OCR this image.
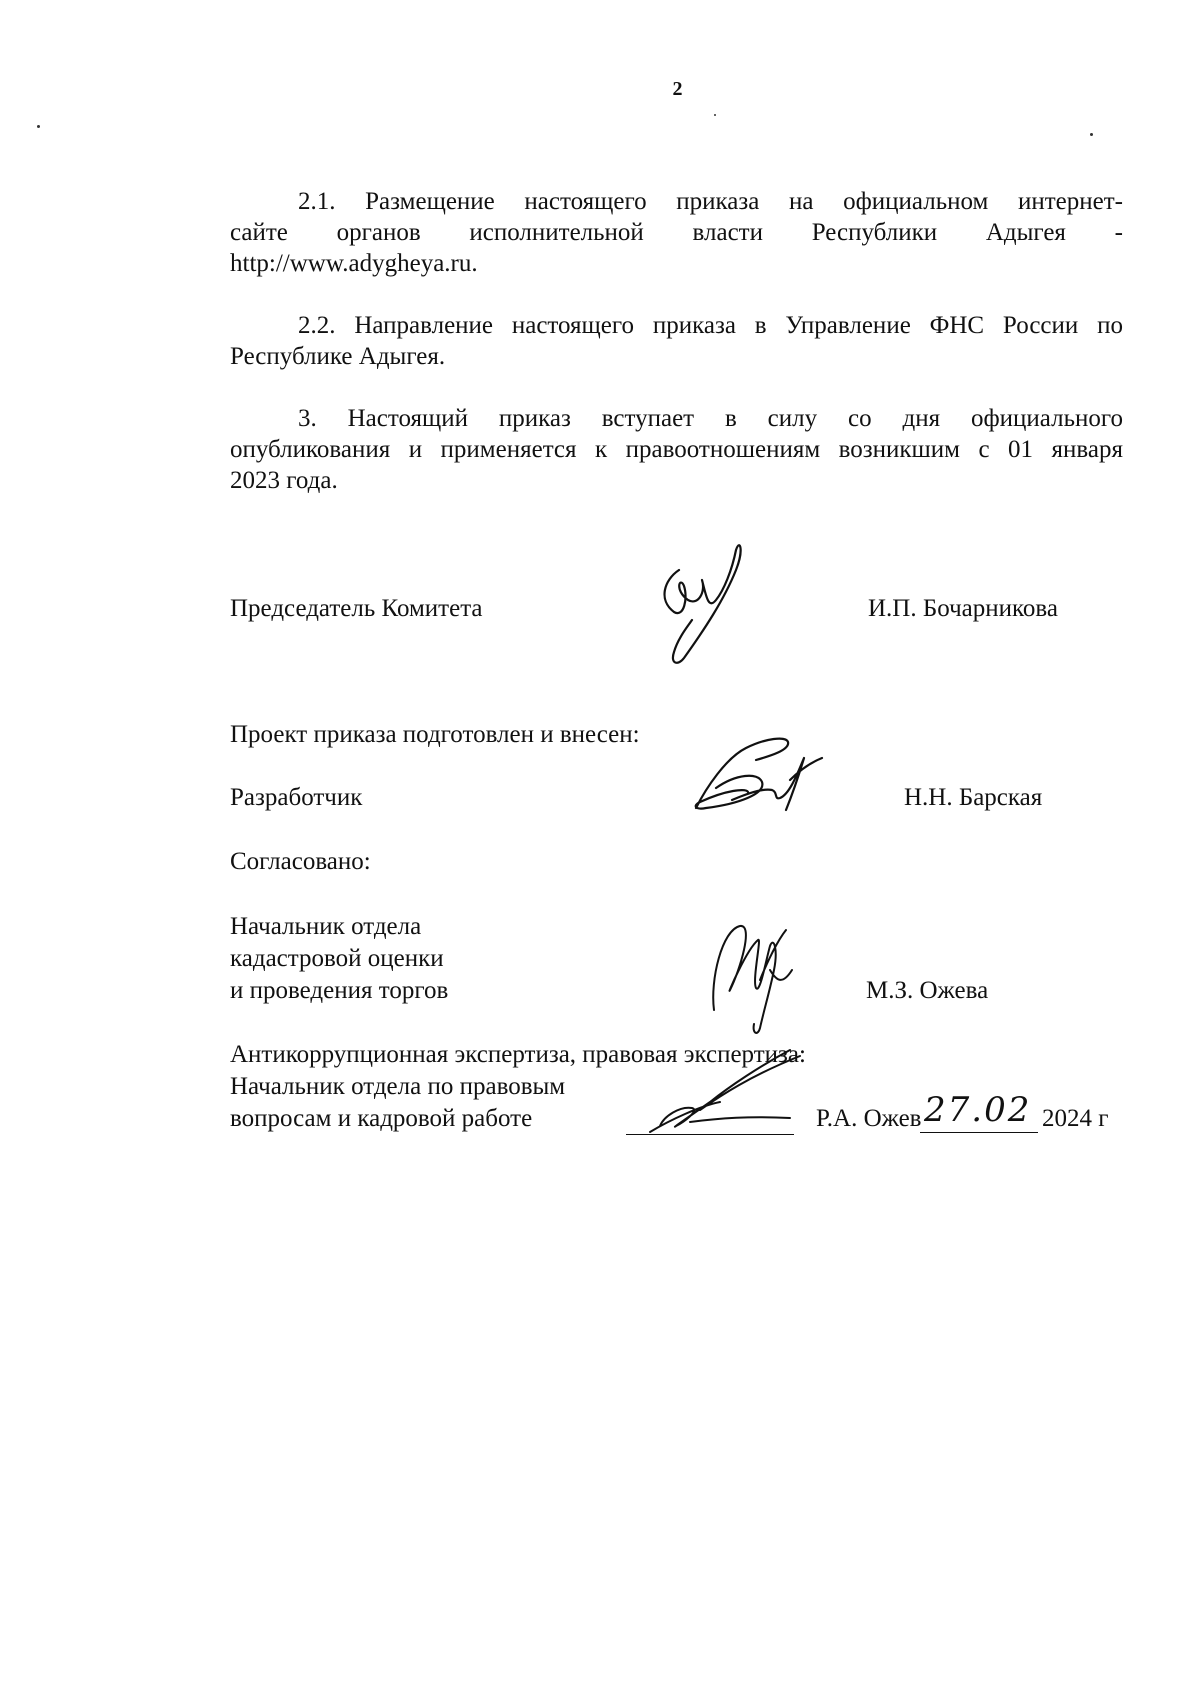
2
2.1. Размещение настоящего приказа на официальном интернет-
сайте органов исполнительной власти Республики Адыгея -
http://www.adygheya.ru.
2.2. Направление настоящего приказа в Управление ФНС России по
Республике Адыгея.
3. Настоящий приказ вступает в силу со дня официального
опубликования и применяется к правоотношениям возникшим с 01 января
2023 года.
Председатель Комитета	И.П. Бочарникова
Проект приказа подготовлен и внесен:
Разработчик	Н.Н. Барская
Согласовано:
Начальник отдела
кадастровой оценки
и проведения торгов	М.З. Ожева
Антикоррупционная экспертиза, правовая экспертиза:
Начальник отдела по правовым
вопросам и кадровой работе	Р.А. Ожев 27.02 2024 г
